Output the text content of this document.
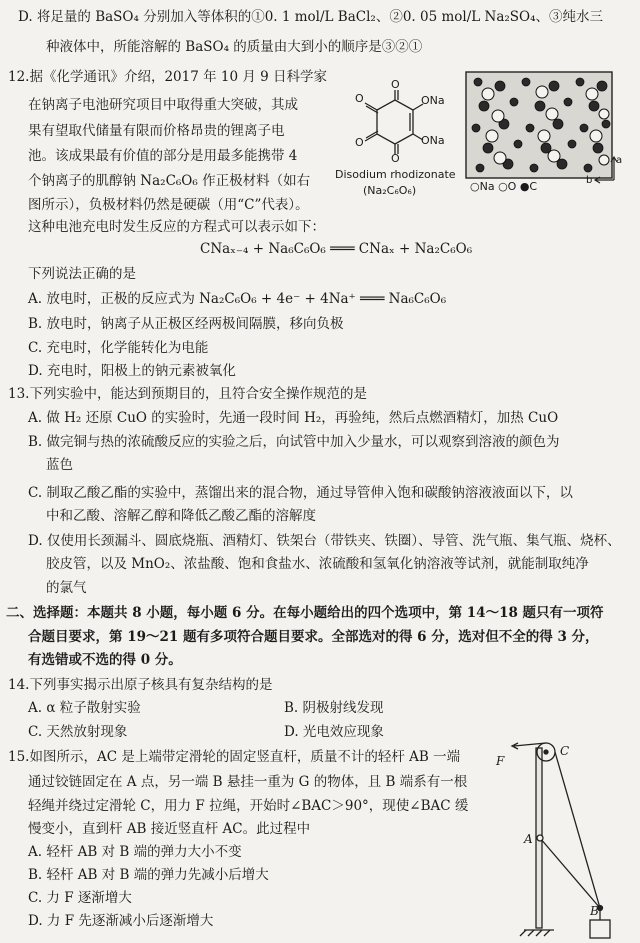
D. 将足量的 BaSO₄ 分别加入等体积的①0. 1 mol/L BaCl₂、②0. 05 mol/L Na₂SO₄、③纯水三
种液体中，所能溶解的 BaSO₄ 的质量由大到小的顺序是③②①
12.据《化学通讯》介绍，2017 年 10 月 9 日科学家
在钠离子电池研究项目中取得重大突破，其成
果有望取代储量有限而价格昂贵的锂离子电
池。该成果最有价值的部分是用最多能携带 4
个钠离子的肌醇钠 Na₂C₆O₆ 作正极材料（如右
图所示），负极材料仍然是硬碳（用“C”代表）。
这种电池充电时发生反应的方程式可以表示如下：
O
O
O
O
ONa
ONa
Disodium rhodizonate
(Na₂C₆O₆)
a
b
○Na ○O ●C
CNaₓ₋₄ + Na₆C₆O₆ ═══ CNaₓ + Na₂C₆O₆
下列说法正确的是
A. 放电时，正极的反应式为 Na₂C₆O₆ + 4e⁻ + 4Na⁺ ═══ Na₆C₆O₆
B. 放电时，钠离子从正极区经两极间隔膜，移向负极
C. 充电时，化学能转化为电能
D. 充电时，阳极上的钠元素被氧化
13.下列实验中，能达到预期目的，且符合安全操作规范的是
A. 做 H₂ 还原 CuO 的实验时，先通一段时间 H₂，再验纯，然后点燃酒精灯，加热 CuO
B. 做完铜与热的浓硫酸反应的实验之后，向试管中加入少量水，可以观察到溶液的颜色为
蓝色
C. 制取乙酸乙酯的实验中，蒸馏出来的混合物，通过导管伸入饱和碳酸钠溶液液面以下，以
中和乙酸、溶解乙醇和降低乙酸乙酯的溶解度
D. 仅使用长颈漏斗、圆底烧瓶、酒精灯、铁架台（带铁夹、铁圈）、导管、洗气瓶、集气瓶、烧杯、
胶皮管，以及 MnO₂、浓盐酸、饱和食盐水、浓硫酸和氢氧化钠溶液等试剂，就能制取纯净
的氯气
二、选择题：本题共 8 小题，每小题 6 分。在每小题给出的四个选项中，第 14～18 题只有一项符
合题目要求，第 19～21 题有多项符合题目要求。全部选对的得 6 分，选对但不全的得 3 分，
有选错或不选的得 0 分。
14.下列事实揭示出原子核具有复杂结构的是
A. α 粒子散射实验	B. 阴极射线发现
C. 天然放射现象	D. 光电效应现象
15.如图所示，AC 是上端带定滑轮的固定竖直杆，质量不计的轻杆 AB 一端
通过铰链固定在 A 点，另一端 B 悬挂一重为 G 的物体，且 B 端系有一根
轻绳并绕过定滑轮 C，用力 F 拉绳，开始时∠BAC＞90°，现使∠BAC 缓
慢变小，直到杆 AB 接近竖直杆 AC。此过程中
A. 轻杆 AB 对 B 端的弹力大小不变
B. 轻杆 AB 对 B 端的弹力先减小后增大
C. 力 F 逐渐增大
D. 力 F 先逐渐减小后逐渐增大
F
C
A
B
